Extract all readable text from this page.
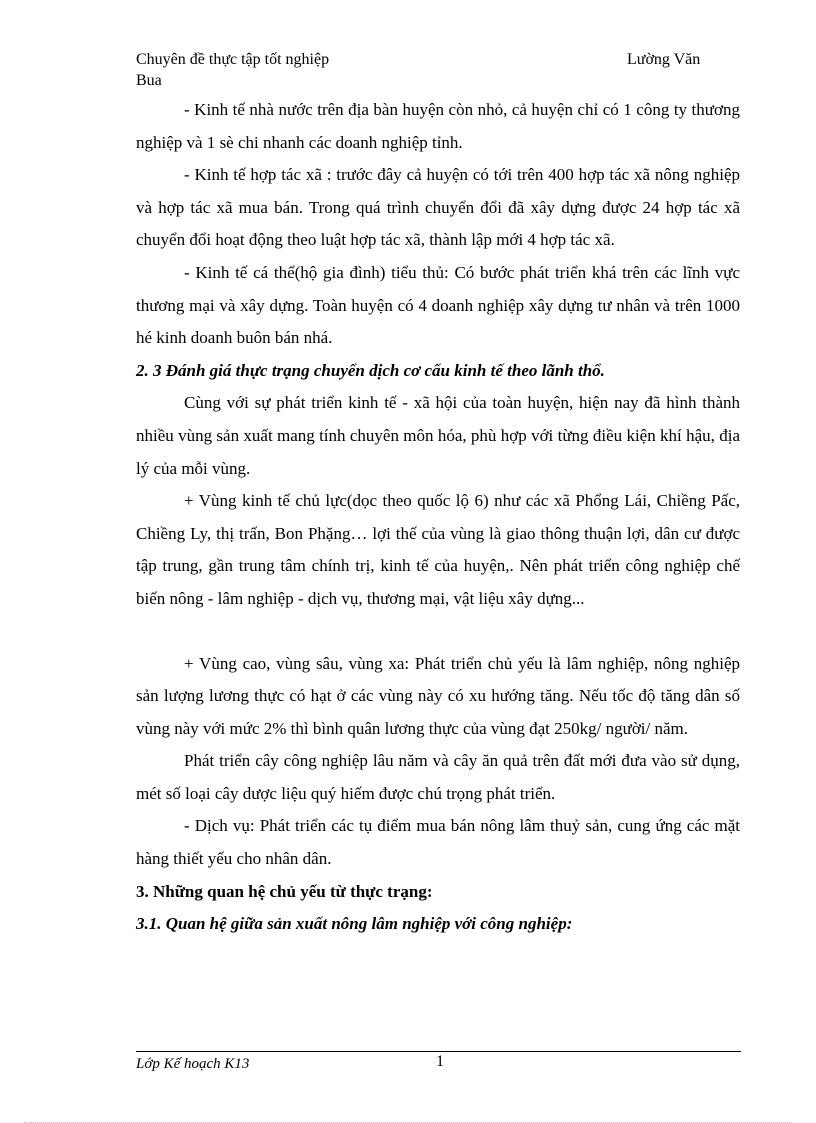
Chuyên đề thực tập tốt nghiệp	Lường Văn
Bua

- Kinh tế nhà nước trên địa bàn huyện còn nhỏ, cả huyện chỉ có 1 công ty thương nghiệp và 1 sè chi nhanh các doanh nghiệp tỉnh.

- Kinh tế hợp tác xã : trước đây cả huyện có tới trên 400 hợp tác xã nông nghiệp và hợp tác xã mua bán. Trong quá trình chuyển đổi đã xây dựng được 24 hợp tác xã chuyển đổi hoạt động theo luật hợp tác xã, thành lập mới 4 hợp tác xã.

- Kinh tế cá thể(hộ gia đình) tiểu thủ: Có bước phát triển khá trên các lĩnh vực thương mại và xây dựng. Toàn huyện có 4 doanh nghiệp xây dựng tư nhân và trên 1000 hé kinh doanh buôn bán nhá.

2. 3 Đánh giá thực trạng chuyển dịch cơ cấu kinh tế theo lãnh thổ.

Cùng với sự phát triển kinh tế - xã hội của toàn huyện, hiện nay đã hình thành nhiều vùng sản xuất mang tính chuyên môn hóa, phù hợp với từng điều kiện khí hậu, địa lý của mỗi vùng.

+ Vùng kinh tế chủ lực(dọc theo quốc lộ 6) như các xã Phổng Lái, Chiềng Pấc, Chiềng Ly, thị trấn, Bon Phặng… lợi thế của vùng là giao thông thuận lợi, dân cư được tập trung, gần trung tâm chính trị, kinh tế của huyện,. Nên phát triển công nghiệp chế biến nông - lâm nghiệp - dịch vụ, thương mại, vật liệu xây dựng...

+ Vùng cao, vùng sâu, vùng xa: Phát triển chủ yếu là lâm nghiệp, nông nghiệp sản lượng lương thực có hạt ở các vùng này có xu hướng tăng. Nếu tốc độ tăng dân số vùng này với mức 2% thì bình quân lương thực của vùng đạt 250kg/ người/ năm.

Phát triển cây công nghiệp lâu năm và cây ăn quả trên đất mới đưa vào sử dụng, mét số loại cây dược liệu quý hiếm được chú trọng phát triển.

- Dịch vụ: Phát triển các tụ điểm mua bán nông lâm thuỷ sản, cung ứng các mặt hàng thiết yếu cho nhân dân.

3. Những quan hệ chủ yếu từ thực trạng:

3.1. Quan hệ giữa sản xuất nông lâm nghiệp với công nghiệp:

Lớp Kế hoạch K13	1
